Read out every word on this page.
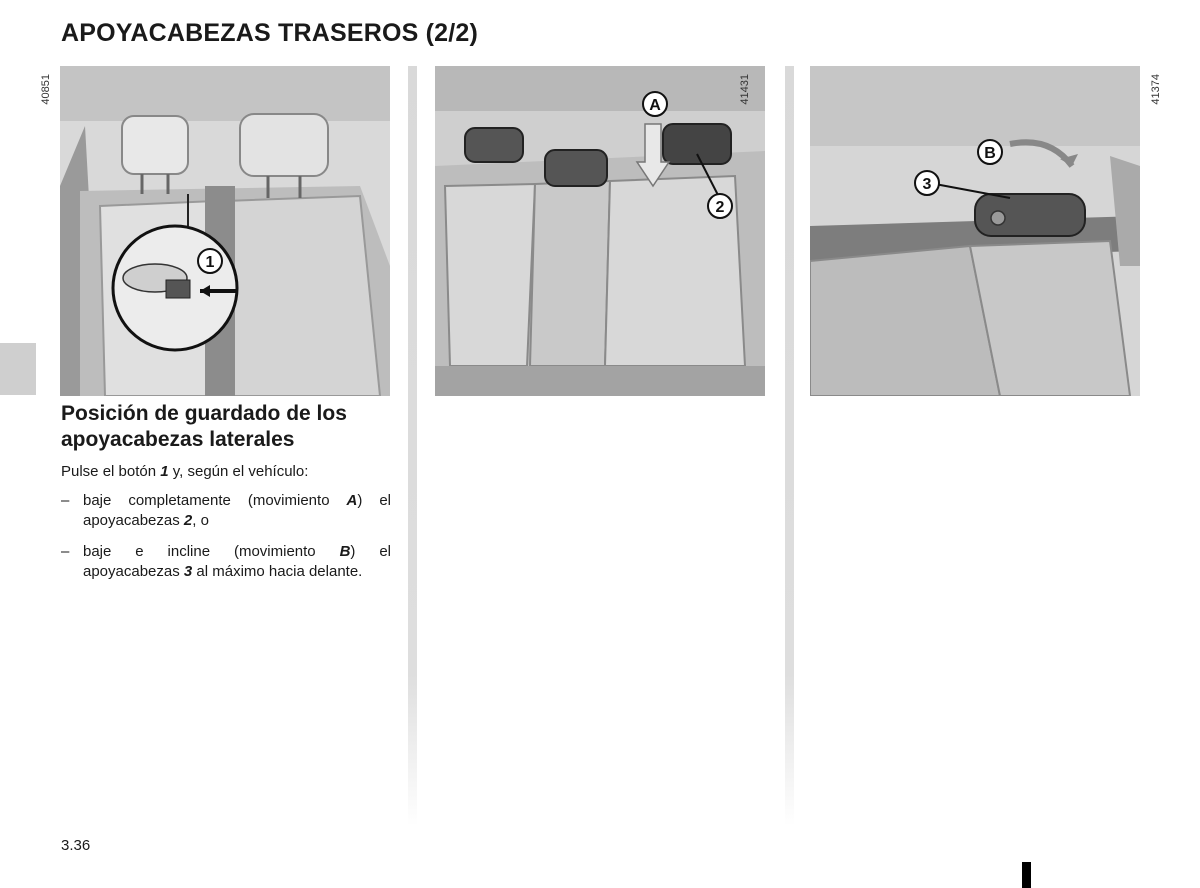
APOYACABEZAS TRASEROS (2/2)
1
40851
A
2
41431
B
3
41374
Posición de guardado de los apoyacabezas laterales

Pulse el botón 1 y, según el vehículo:

– baje completamente (movimiento A) el apoyacabezas 2, o
– baje e incline (movimiento B) el apoyacabezas 3 al máximo hacia delante.
3.36
